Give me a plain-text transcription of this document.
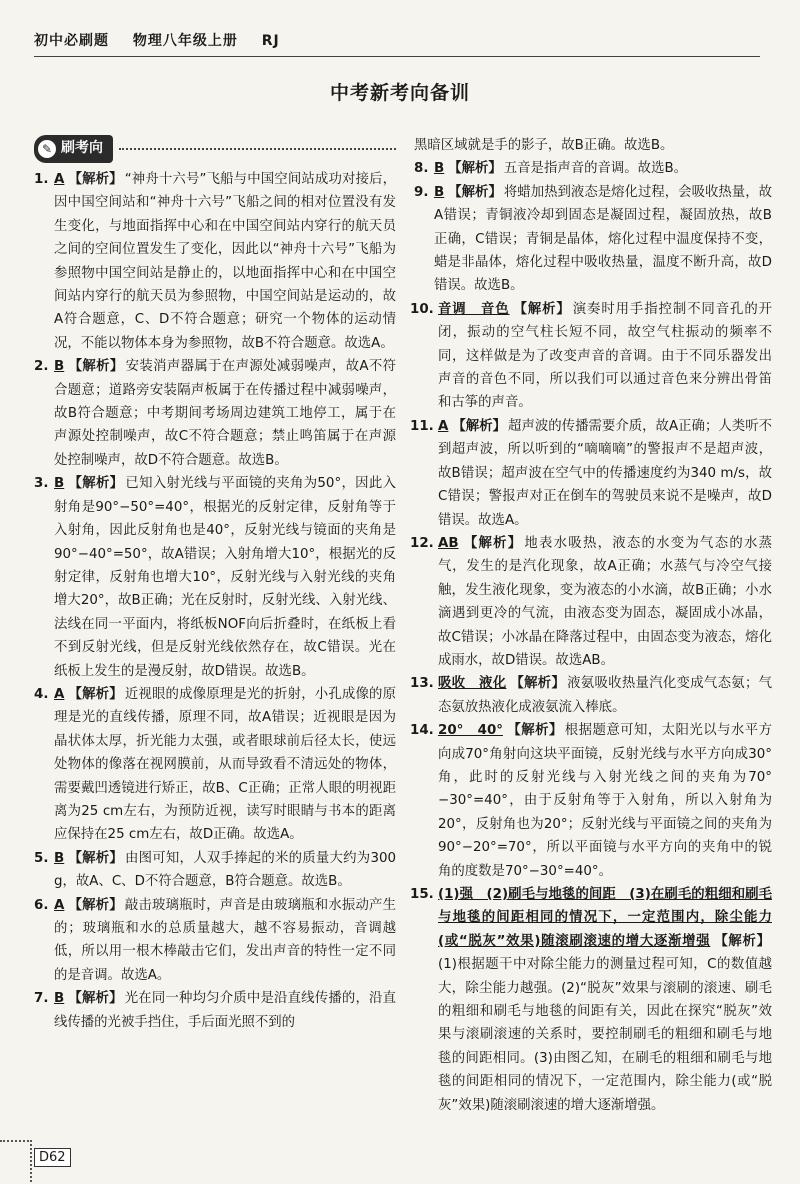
初中必刷题 物理八年级上册 RJ
中考新考向备训
✎ 刷考向
1. A 【解析】 “神舟十六号”飞船与中国空间站成功对接后，因中国空间站和“神舟十六号”飞船之间的相对位置没有发生变化，与地面指挥中心和在中国空间站内穿行的航天员之间的空间位置发生了变化，因此以“神舟十六号”飞船为参照物中国空间站是静止的，以地面指挥中心和在中国空间站内穿行的航天员为参照物，中国空间站是运动的，故A符合题意，C、D不符合题意；研究一个物体的运动情况，不能以物体本身为参照物，故B不符合题意。故选A。
2. B 【解析】 安装消声器属于在声源处减弱噪声，故A不符合题意；道路旁安装隔声板属于在传播过程中减弱噪声，故B符合题意；中考期间考场周边建筑工地停工，属于在声源处控制噪声，故C不符合题意；禁止鸣笛属于在声源处控制噪声，故D不符合题意。故选B。
3. B 【解析】 已知入射光线与平面镜的夹角为50°，因此入射角是90°−50°=40°，根据光的反射定律，反射角等于入射角，因此反射角也是40°，反射光线与镜面的夹角是90°−40°=50°，故A错误；入射角增大10°，根据光的反射定律，反射角也增大10°，反射光线与入射光线的夹角增大20°，故B正确；光在反射时，反射光线、入射光线、法线在同一平面内，将纸板NOF向后折叠时，在纸板上看不到反射光线，但是反射光线依然存在，故C错误。光在纸板上发生的是漫反射，故D错误。故选B。
4. A 【解析】 近视眼的成像原理是光的折射，小孔成像的原理是光的直线传播，原理不同，故A错误；近视眼是因为晶状体太厚，折光能力太强，或者眼球前后径太长，使远处物体的像落在视网膜前，从而导致看不清远处的物体，需要戴凹透镜进行矫正，故B、C正确；正常人眼的明视距离为25 cm左右，为预防近视，读写时眼睛与书本的距离应保持在25 cm左右，故D正确。故选A。
5. B 【解析】 由图可知，人双手捧起的米的质量大约为300 g，故A、C、D不符合题意，B符合题意。故选B。
6. A 【解析】 敲击玻璃瓶时，声音是由玻璃瓶和水振动产生的；玻璃瓶和水的总质量越大，越不容易振动，音调越低，所以用一根木棒敲击它们，发出声音的特性一定不同的是音调。故选A。
7. B 【解析】 光在同一种均匀介质中是沿直线传播的，沿直线传播的光被手挡住，手后面光照不到的
黑暗区域就是手的影子，故B正确。故选B。
8. B 【解析】 五音是指声音的音调。故选B。
9. B 【解析】 将蜡加热到液态是熔化过程，会吸收热量，故A错误；青铜液冷却到固态是凝固过程，凝固放热，故B正确，C错误；青铜是晶体，熔化过程中温度保持不变，蜡是非晶体，熔化过程中吸收热量，温度不断升高，故D错误。故选B。
10. 音调　音色 【解析】 演奏时用手指控制不同音孔的开闭，振动的空气柱长短不同，故空气柱振动的频率不同，这样做是为了改变声音的音调。由于不同乐器发出声音的音色不同，所以我们可以通过音色来分辨出骨笛和古筝的声音。
11. A 【解析】 超声波的传播需要介质，故A正确；人类听不到超声波，所以听到的“嘀嘀嘀”的警报声不是超声波，故B错误；超声波在空气中的传播速度约为340 m/s，故C错误；警报声对正在倒车的驾驶员来说不是噪声，故D错误。故选A。
12. AB 【解析】 地表水吸热，液态的水变为气态的水蒸气，发生的是汽化现象，故A正确；水蒸气与冷空气接触，发生液化现象，变为液态的小水滴，故B正确；小水滴遇到更冷的气流，由液态变为固态，凝固成小冰晶，故C错误；小冰晶在降落过程中，由固态变为液态，熔化成雨水，故D错误。故选AB。
13. 吸收　液化 【解析】 液氨吸收热量汽化变成气态氨；气态氨放热液化成液氨流入棒底。
14. 20°　40° 【解析】 根据题意可知，太阳光以与水平方向成70°角射向这块平面镜，反射光线与水平方向成30°角，此时的反射光线与入射光线之间的夹角为70°−30°=40°，由于反射角等于入射角，所以入射角为20°，反射角也为20°；反射光线与平面镜之间的夹角为90°−20°=70°，所以平面镜与水平方向的夹角中的锐角的度数是70°−30°=40°。
15. (1)强　(2)刷毛与地毯的间距　(3)在刷毛的粗细和刷毛与地毯的间距相同的情况下，一定范围内，除尘能力(或“脱灰”效果)随滚刷滚速的增大逐渐增强 【解析】(1)根据题干中对除尘能力的测量过程可知，C的数值越大，除尘能力越强。(2)“脱灰”效果与滚刷的滚速、刷毛的粗细和刷毛与地毯的间距有关，因此在探究“脱灰”效果与滚刷滚速的关系时，要控制刷毛的粗细和刷毛与地毯的间距相同。(3)由图乙知，在刷毛的粗细和刷毛与地毯的间距相同的情况下，一定范围内，除尘能力(或“脱灰”效果)随滚刷滚速的增大逐渐增强。
D62
